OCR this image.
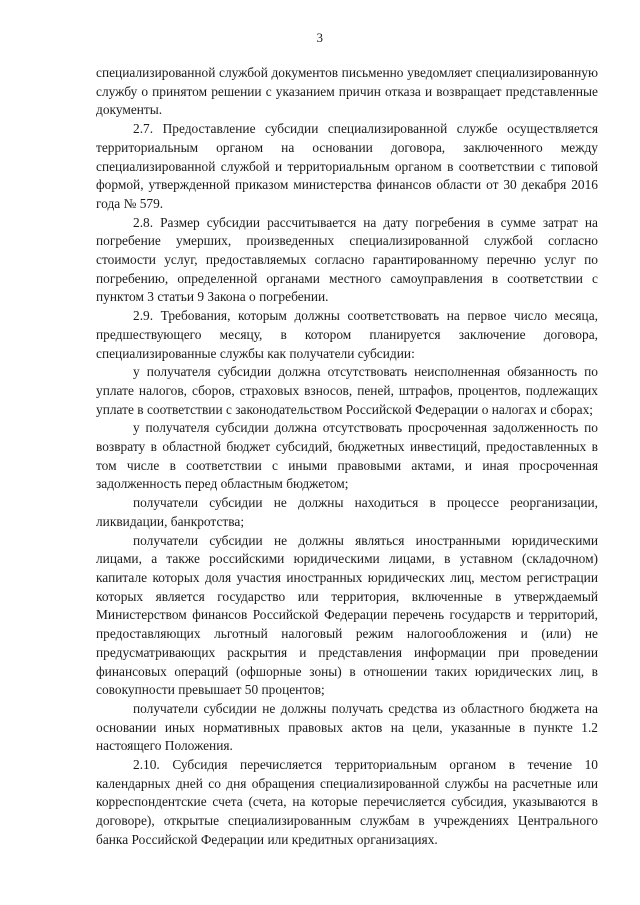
3

специализированной службой документов письменно уведомляет специализированную службу о принятом решении с указанием причин отказа и возвращает представленные документы.

2.7. Предоставление субсидии специализированной службе осуществляется территориальным органом на основании договора, заключенного между специализированной службой и территориальным органом в соответствии с типовой формой, утвержденной приказом министерства финансов области от 30 декабря 2016 года № 579.

2.8. Размер субсидии рассчитывается на дату погребения в сумме затрат на погребение умерших, произведенных специализированной службой согласно стоимости услуг, предоставляемых согласно гарантированному перечню услуг по погребению, определенной органами местного самоуправления в соответствии с пунктом 3 статьи 9 Закона о погребении.

2.9. Требования, которым должны соответствовать на первое число месяца, предшествующего месяцу, в котором планируется заключение договора, специализированные службы как получатели субсидии:

у получателя субсидии должна отсутствовать неисполненная обязанность по уплате налогов, сборов, страховых взносов, пеней, штрафов, процентов, подлежащих уплате в соответствии с законодательством Российской Федерации о налогах и сборах;

у получателя субсидии должна отсутствовать просроченная задолженность по возврату в областной бюджет субсидий, бюджетных инвестиций, предоставленных в том числе в соответствии с иными правовыми актами, и иная просроченная задолженность перед областным бюджетом;

получатели субсидии не должны находиться в процессе реорганизации, ликвидации, банкротства;

получатели субсидии не должны являться иностранными юридическими лицами, а также российскими юридическими лицами, в уставном (складочном) капитале которых доля участия иностранных юридических лиц, местом регистрации которых является государство или территория, включенные в утверждаемый Министерством финансов Российской Федерации перечень государств и территорий, предоставляющих льготный налоговый режим налогообложения и (или) не предусматривающих раскрытия и представления информации при проведении финансовых операций (офшорные зоны) в отношении таких юридических лиц, в совокупности превышает 50 процентов;

получатели субсидии не должны получать средства из областного бюджета на основании иных нормативных правовых актов на цели, указанные в пункте 1.2 настоящего Положения.

2.10. Субсидия перечисляется территориальным органом в течение 10 календарных дней со дня обращения специализированной службы на расчетные или корреспондентские счета (счета, на которые перечисляется субсидия, указываются в договоре), открытые специализированным службам в учреждениях Центрального банка Российской Федерации или кредитных организациях.
